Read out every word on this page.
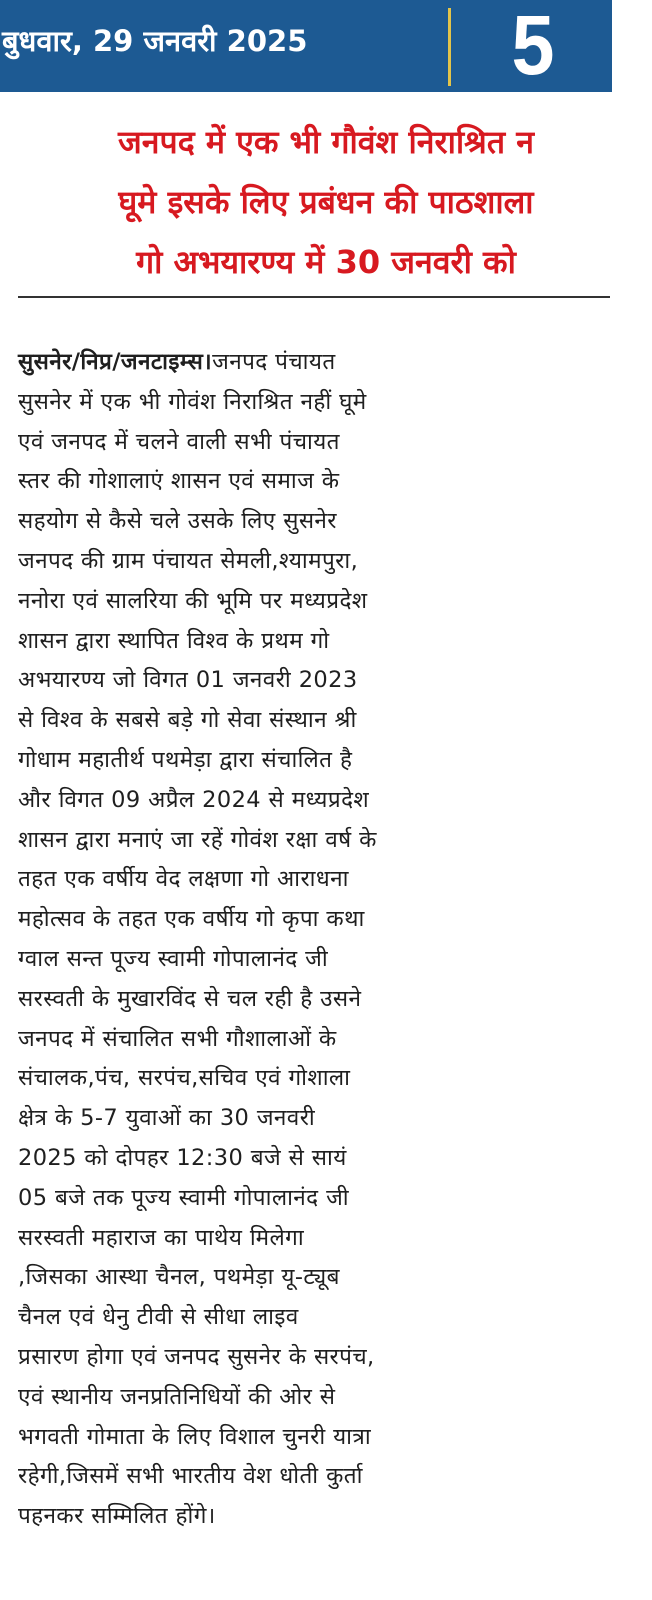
बुधवार, 29 जनवरी 2025	5
जनपद में एक भी गौवंश निराश्रित न
घूमे इसके लिए प्रबंधन की पाठशाला
गो अभयारण्य में 30 जनवरी को
सुसनेर/निप्र/जनटाइम्स।जनपद पंचायत
सुसनेर में एक भी गोवंश निराश्रित नहीं घूमे
एवं जनपद में चलने वाली सभी पंचायत
स्तर की गोशालाएं शासन एवं समाज के
सहयोग से कैसे चले उसके लिए सुसनेर
जनपद की ग्राम पंचायत सेमली,श्यामपुरा,
ननोरा एवं सालरिया की भूमि पर मध्यप्रदेश
शासन द्वारा स्थापित विश्व के प्रथम गो
अभयारण्य जो विगत 01 जनवरी 2023
से विश्व के सबसे बड़े गो सेवा संस्थान श्री
गोधाम महातीर्थ पथमेड़ा द्वारा संचालित है
और विगत 09 अप्रैल 2024 से मध्यप्रदेश
शासन द्वारा मनाएं जा रहें गोवंश रक्षा वर्ष के
तहत एक वर्षीय वेद लक्षणा गो आराधना
महोत्सव के तहत एक वर्षीय गो कृपा कथा
ग्वाल सन्त पूज्य स्वामी गोपालानंद जी
सरस्वती के मुखारविंद से चल रही है उसने
जनपद में संचालित सभी गौशालाओं के
संचालक,पंच, सरपंच,सचिव एवं गोशाला
क्षेत्र के 5-7 युवाओं का 30 जनवरी
2025 को दोपहर 12:30 बजे से सायं
05 बजे तक पूज्य स्वामी गोपालानंद जी
सरस्वती महाराज का पाथेय मिलेगा
,जिसका आस्था चैनल, पथमेड़ा यू-ट्यूब
चैनल एवं धेनु टीवी से सीधा लाइव
प्रसारण होगा एवं जनपद सुसनेर के सरपंच,
एवं स्थानीय जनप्रतिनिधियों की ओर से
भगवती गोमाता के लिए विशाल चुनरी यात्रा
रहेगी,जिसमें सभी भारतीय वेश धोती कुर्ता
पहनकर सम्मिलित होंगे।
